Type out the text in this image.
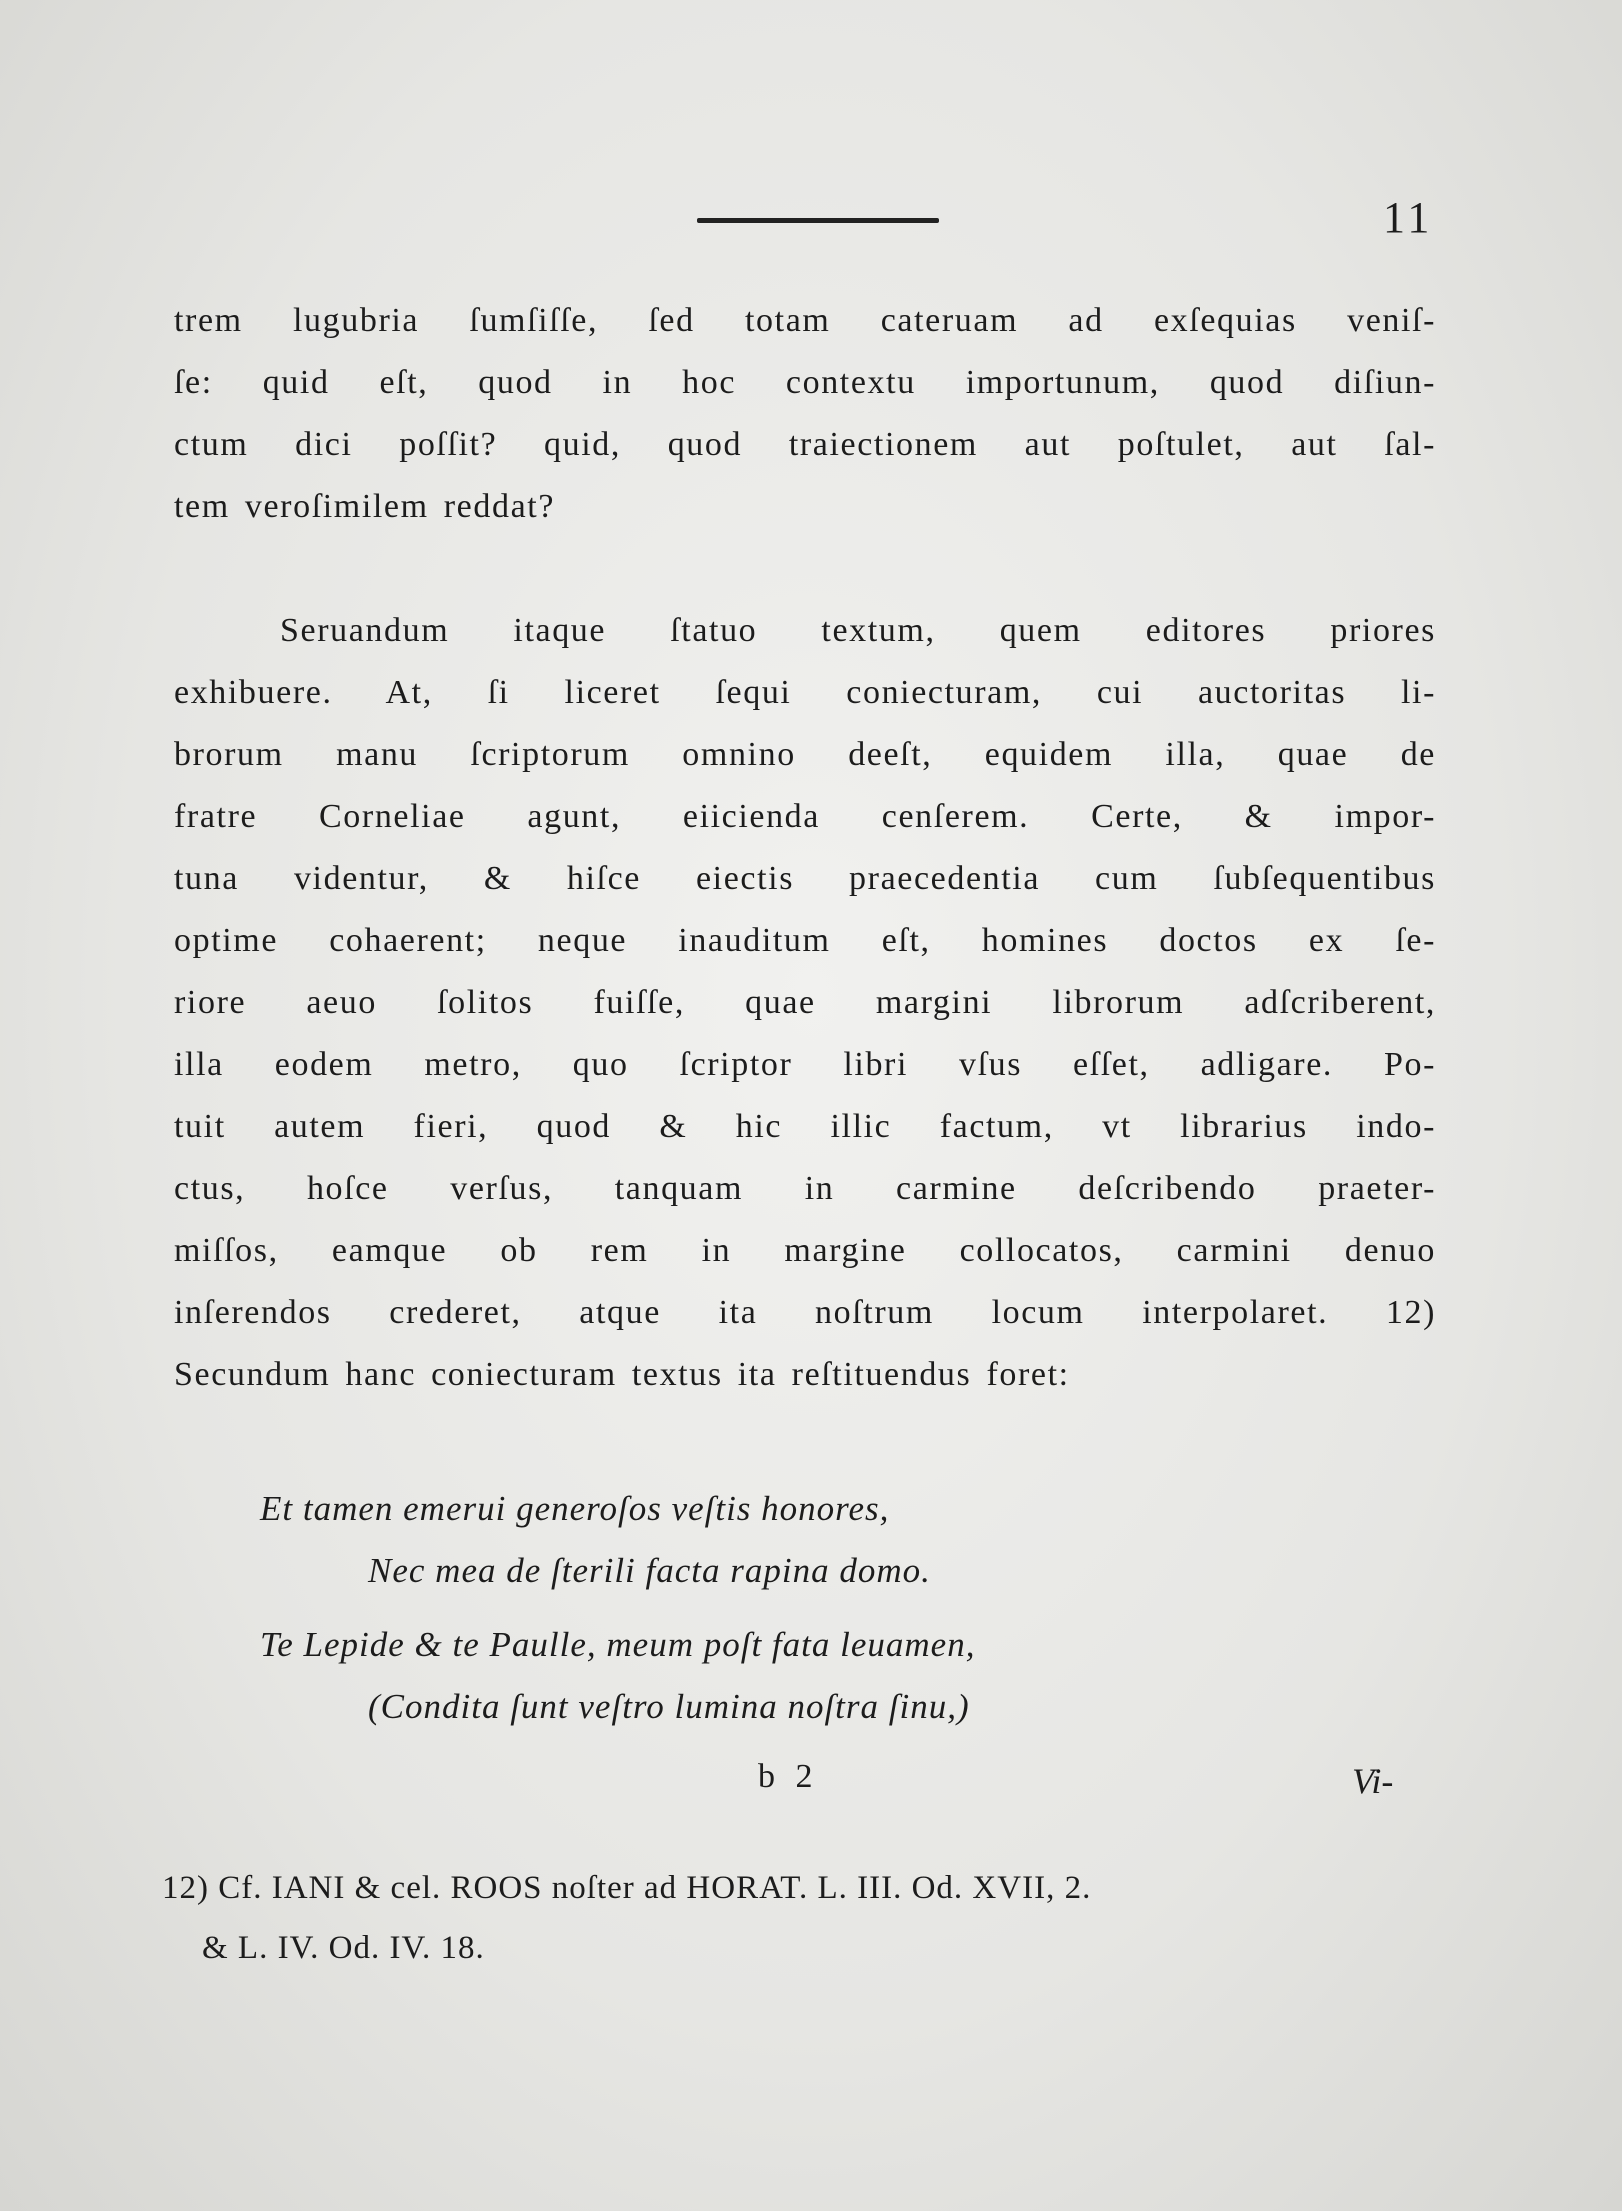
11
trem lugubria ſumſiſſe, ſed totam cateruam ad exſequias veniſ-
ſe: quid eſt, quod in hoc contextu importunum, quod diſiun-
ctum dici poſſit? quid, quod traiectionem aut poſtulet, aut ſal-
tem veroſimilem reddat?
Seruandum itaque ſtatuo textum, quem editores priores
exhibuere. At, ſi liceret ſequi coniecturam, cui auctoritas li-
brorum manu ſcriptorum omnino deeſt, equidem illa, quae de
fratre Corneliae agunt, eiicienda cenſerem. Certe, & impor-
tuna videntur, & hiſce eiectis praecedentia cum ſubſequentibus
optime cohaerent; neque inauditum eſt, homines doctos ex ſe-
riore aeuo ſolitos fuiſſe, quae margini librorum adſcriberent,
illa eodem metro, quo ſcriptor libri vſus eſſet, adligare. Po-
tuit autem fieri, quod & hic illic factum, vt librarius indo-
ctus, hoſce verſus, tanquam in carmine deſcribendo praeter-
miſſos, eamque ob rem in margine collocatos, carmini denuo
inſerendos crederet, atque ita noſtrum locum interpolaret. 12)
Secundum hanc coniecturam textus ita reſtituendus foret:
Et tamen emerui generoſos veſtis honores,
Nec mea de ſterili facta rapina domo.
Te Lepide & te Paulle, meum poſt fata leuamen,
(Condita ſunt veſtro lumina noſtra ſinu,)
b 2	Vi-
12) Cf. IANI & cel. ROOS noſter ad HORAT. L. III. Od. XVII, 2.
& L. IV. Od. IV. 18.
